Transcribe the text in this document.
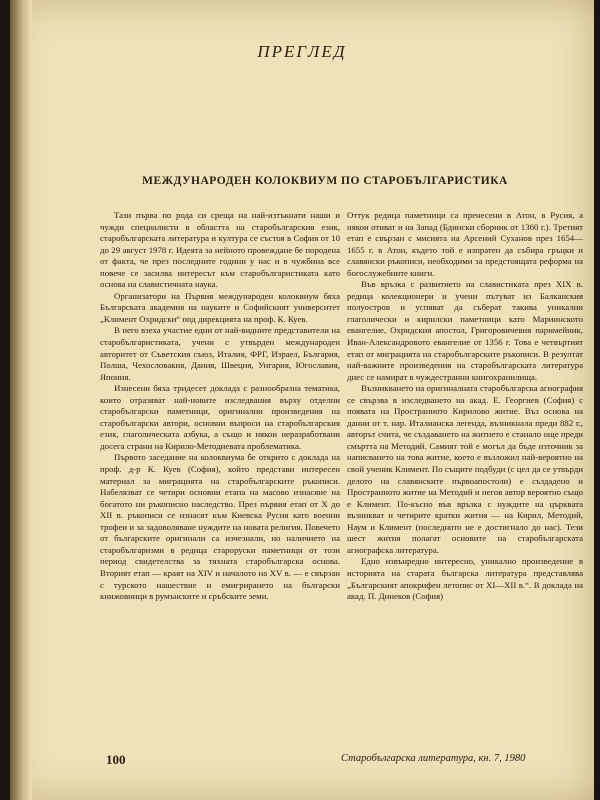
ПРЕГЛЕД
МЕЖДУНАРОДЕН КОЛОКВИУМ ПО СТАРОБЪЛГАРИСТИКА

Тази първа по рода си среща на най-изтъкнати наши и чужди специалисти в областта на старобългарския език, старобългарската литература и култура се състоя в София от 10 до 29 август 1978 г. Идеята за нейното провеждане бе породена от факта, че през последните години у нас и в чужбина все повече се засилва интересът към старобългаристиката като основа на славистичната наука.

Организатори на Първия международен колоквиум бяха Българската академия на науките и Софийският университет „Климент Охридски“ под дирекцията на проф. К. Куев.

В него взеха участие едни от най-видните представители на старобългаристиката, учени с утвърден международен авторитет от Съветския съюз, Италия, ФРГ, Израел, България, Полша, Чехословакия, Дания, Швеция, Унгария, Югославия, Япония.

Изнесени бяха тридесет доклада с разнообразна тематика, които отразяват най-новите изследвания върху отделни старобългарски паметници, оригинални произведения на старобългарски автори, основни въпроси на старобългарския език, глаголическата азбука, а също и някои неразработвани досега страни на Кирило-Методиевата проблематика.

Първото заседание на колоквиума бе открито с доклада на проф. д-р К. Куев (София), който представи интересен материал за миграцията на старобългарските ръкописи. Набелязват се четири основни етапа на масово изнасяне на богатото ни ръкописно наследство. През първия етап от X до XII в. ръкописи се изнасят към Киевска Русия като военни трофеи и за задоволяване нуждите на новата религия. Повечето от българските оригинали са изчезнали, но наличието на старобългаризми в редица староруски паметници от този период свидетелства за тяхната старобългарска основа. Вторият етап — краят на XIV и началото на XV в. — е свързан с турското нашествие и емигрирането на български книжовници в румънските и сръбските земи.

Оттук редица паметници са пренесени в Атон, в Русия, а някои отиват и на Запад (Бдински сборник от 1360 г.). Третият етап е свързан с мисията на Арсений Суханов през 1654—1655 г. в Атон, където той е изпратен да събира гръцки и славянски ръкописи, необходими за предстоящата реформа на богослужебните книги.

Във връзка с развитието на славистиката през XIX в. редица колекционери и учени пътуват из Балканския полуостров и успяват да съберат такива уникални глаголически и кирилски паметници като Мариинското евангелие, Охридския апостол, Григоровичевия паримейник, Иван-Александровото евангелие от 1356 г. Това е четвъртият етап от миграцията на старобългарските ръкописи. В резултат най-важните произведения на старобългарската литература днес се намират в чуждестранни книгохранилища.

Възникването на оригиналната старобългарска агиография се свързва в изследването на акад. Е. Георгиев (София) с появата на Пространното Кирилово житие. Въз основа на данни от т. нар. Италианска легенда, възникнала преди 882 г., авторът счита, че създаването на житието е станало още преди смъртта на Методий. Самият той е могъл да бъде източник за написването на това житие, което е възложил най-вероятно на свой ученик Климент. По същите подбуди (с цел да се утвърди делото на славянските първоапостоли) е създадено и Пространното житие на Методий и негов автор вероятно също е Климент. По-късно във връзка с нуждите на църквата възникват и четирите кратки жития — на Кирил, Методий, Наум и Климент (последното не е достигнало до нас). Тези шест жития полагат основите на старобългарската агиографска литература.

Едно извънредно интересно, уникално произведение в историята на старата българска литература представлява „Българският апокрифен летопис от XI—XII в.“. В доклада на акад. П. Динеков (София)

100	Старобългарска литература, кн. 7, 1980
